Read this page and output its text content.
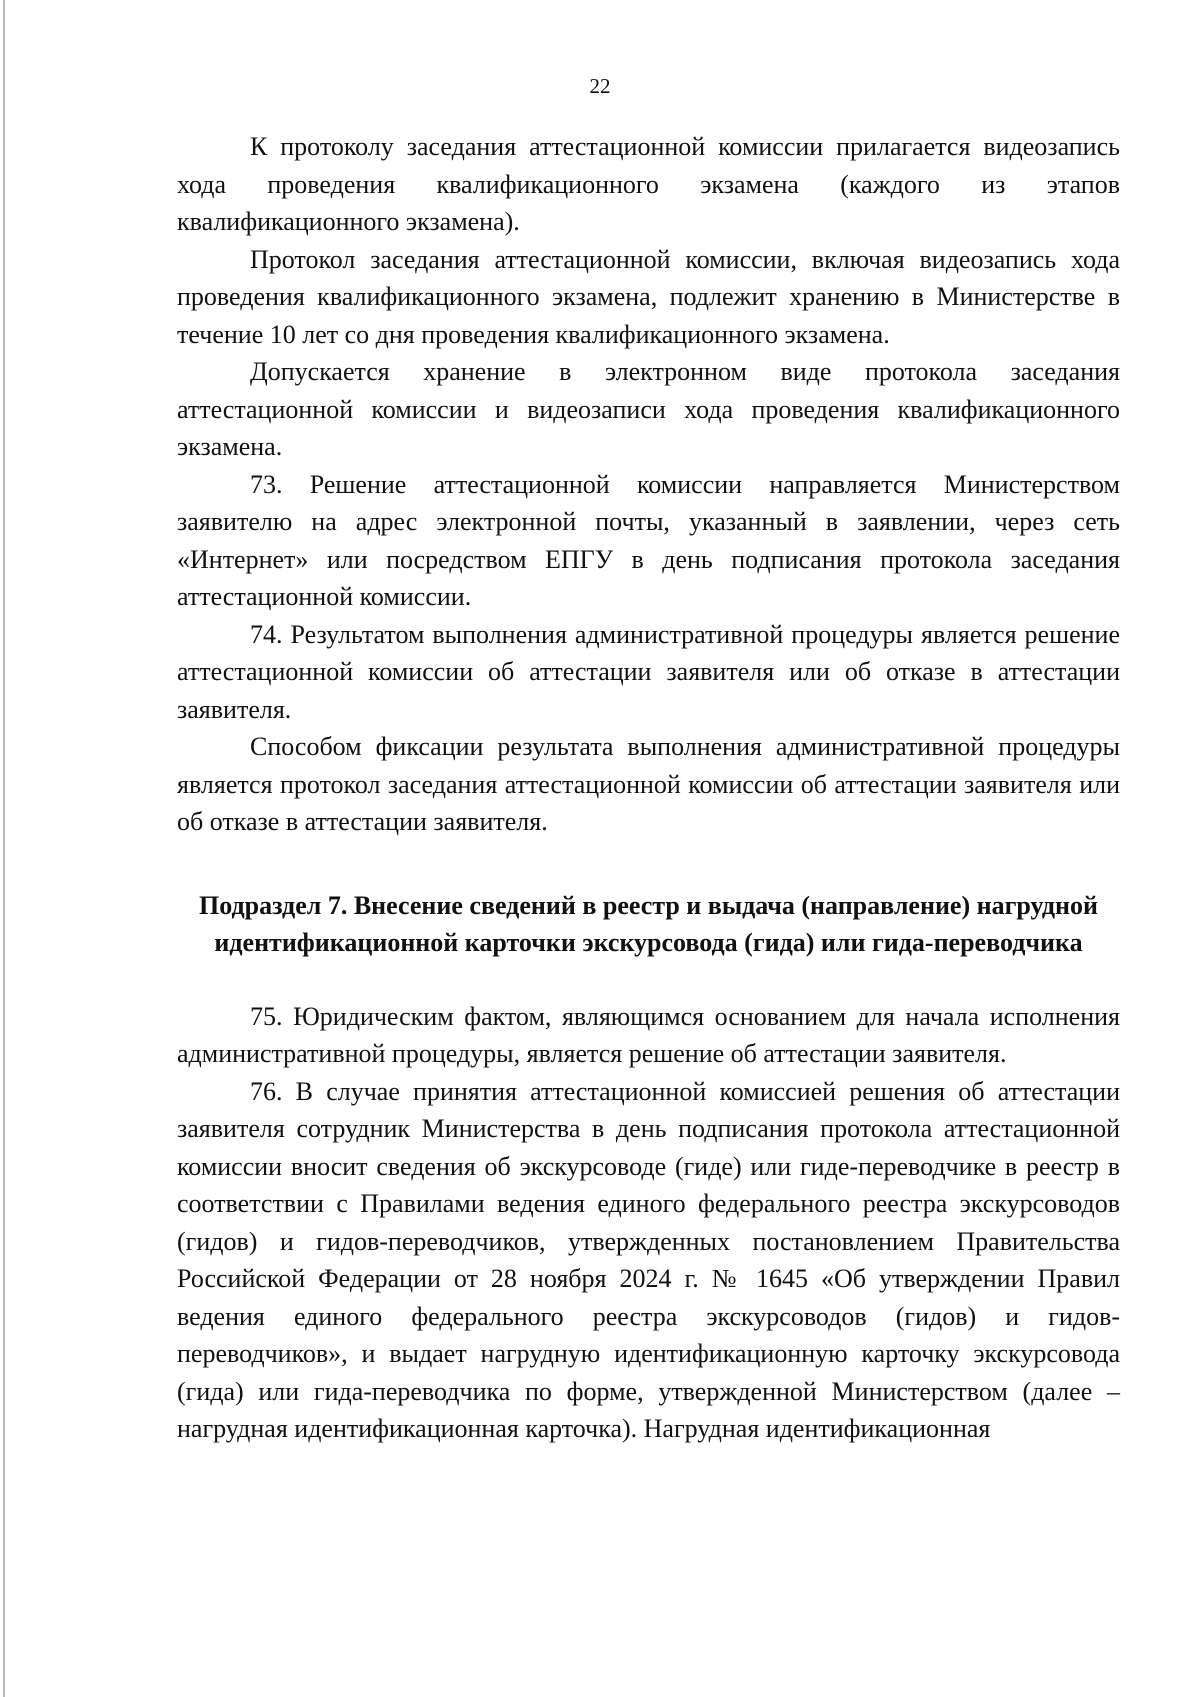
22

К протоколу заседания аттестационной комиссии прилагается видеозапись хода проведения квалификационного экзамена (каждого из этапов квалификационного экзамена).

Протокол заседания аттестационной комиссии, включая видеозапись хода проведения квалификационного экзамена, подлежит хранению в Министерстве в течение 10 лет со дня проведения квалификационного экзамена.

Допускается хранение в электронном виде протокола заседания аттестационной комиссии и видеозаписи хода проведения квалификационного экзамена.

73. Решение аттестационной комиссии направляется Министерством заявителю на адрес электронной почты, указанный в заявлении, через сеть «Интернет» или посредством ЕПГУ в день подписания протокола заседания аттестационной комиссии.

74. Результатом выполнения административной процедуры является решение аттестационной комиссии об аттестации заявителя или об отказе в аттестации заявителя.

Способом фиксации результата выполнения административной процедуры является протокол заседания аттестационной комиссии об аттестации заявителя или об отказе в аттестации заявителя.

Подраздел 7. Внесение сведений в реестр и выдача (направление) нагрудной идентификационной карточки экскурсовода (гида) или гида-переводчика

75. Юридическим фактом, являющимся основанием для начала исполнения административной процедуры, является решение об аттестации заявителя.

76. В случае принятия аттестационной комиссией решения об аттестации заявителя сотрудник Министерства в день подписания протокола аттестационной комиссии вносит сведения об экскурсоводе (гиде) или гиде-переводчике в реестр в соответствии с Правилами ведения единого федерального реестра экскурсоводов (гидов) и гидов-переводчиков, утвержденных постановлением Правительства Российской Федерации от 28 ноября 2024 г. № 1645 «Об утверждении Правил ведения единого федерального реестра экскурсоводов (гидов) и гидов-переводчиков», и выдает нагрудную идентификационную карточку экскурсовода (гида) или гида-переводчика по форме, утвержденной Министерством (далее – нагрудная идентификационная карточка). Нагрудная идентификационная
